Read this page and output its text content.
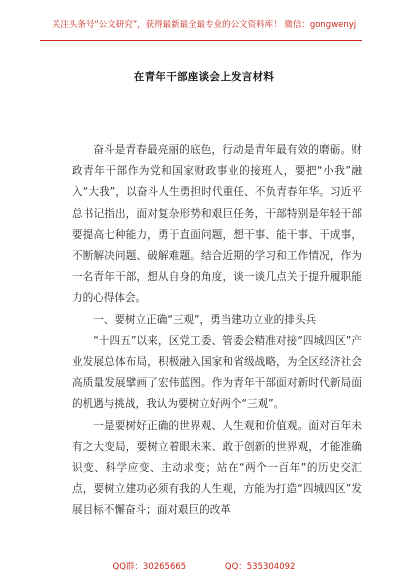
关注头条号“公文研究”，获得最新最全最专业的公文资料库！ 微信：gongwenyj
在青年干部座谈会上发言材料

奋斗是青春最亮丽的底色，行动是青年最有效的磨砺。财政青年干部作为党和国家财政事业的接班人，要把“小我”融入“大我”，以奋斗人生勇担时代重任、不负青春年华。习近平总书记指出，面对复杂形势和艰巨任务，干部特别是年轻干部要提高七种能力，勇于直面问题，想干事、能干事、干成事，不断解决问题、破解难题。结合近期的学习和工作情况，作为一名青年干部，想从自身的角度，谈一谈几点关于提升履职能力的心得体会。

一、要树立正确“三观”，勇当建功立业的排头兵

“十四五”以来，区党工委、管委会精准对接“四城四区”产业发展总体布局，积极融入国家和省级战略，为全区经济社会高质量发展擘画了宏伟蓝图。作为青年干部面对新时代新局面的机遇与挑战，我认为要树立好两个“三观”。

一是要树好正确的世界观、人生观和价值观。面对百年未有之大变局，要树立着眼未来、敢于创新的世界观，才能准确识变、科学应变、主动求变；站在“两个一百年”的历史交汇点，要树立建功必须有我的人生观，方能为打造“四城四区”发展目标不懈奋斗；面对艰巨的改革

QQ群：30265665	QQ：535304092
